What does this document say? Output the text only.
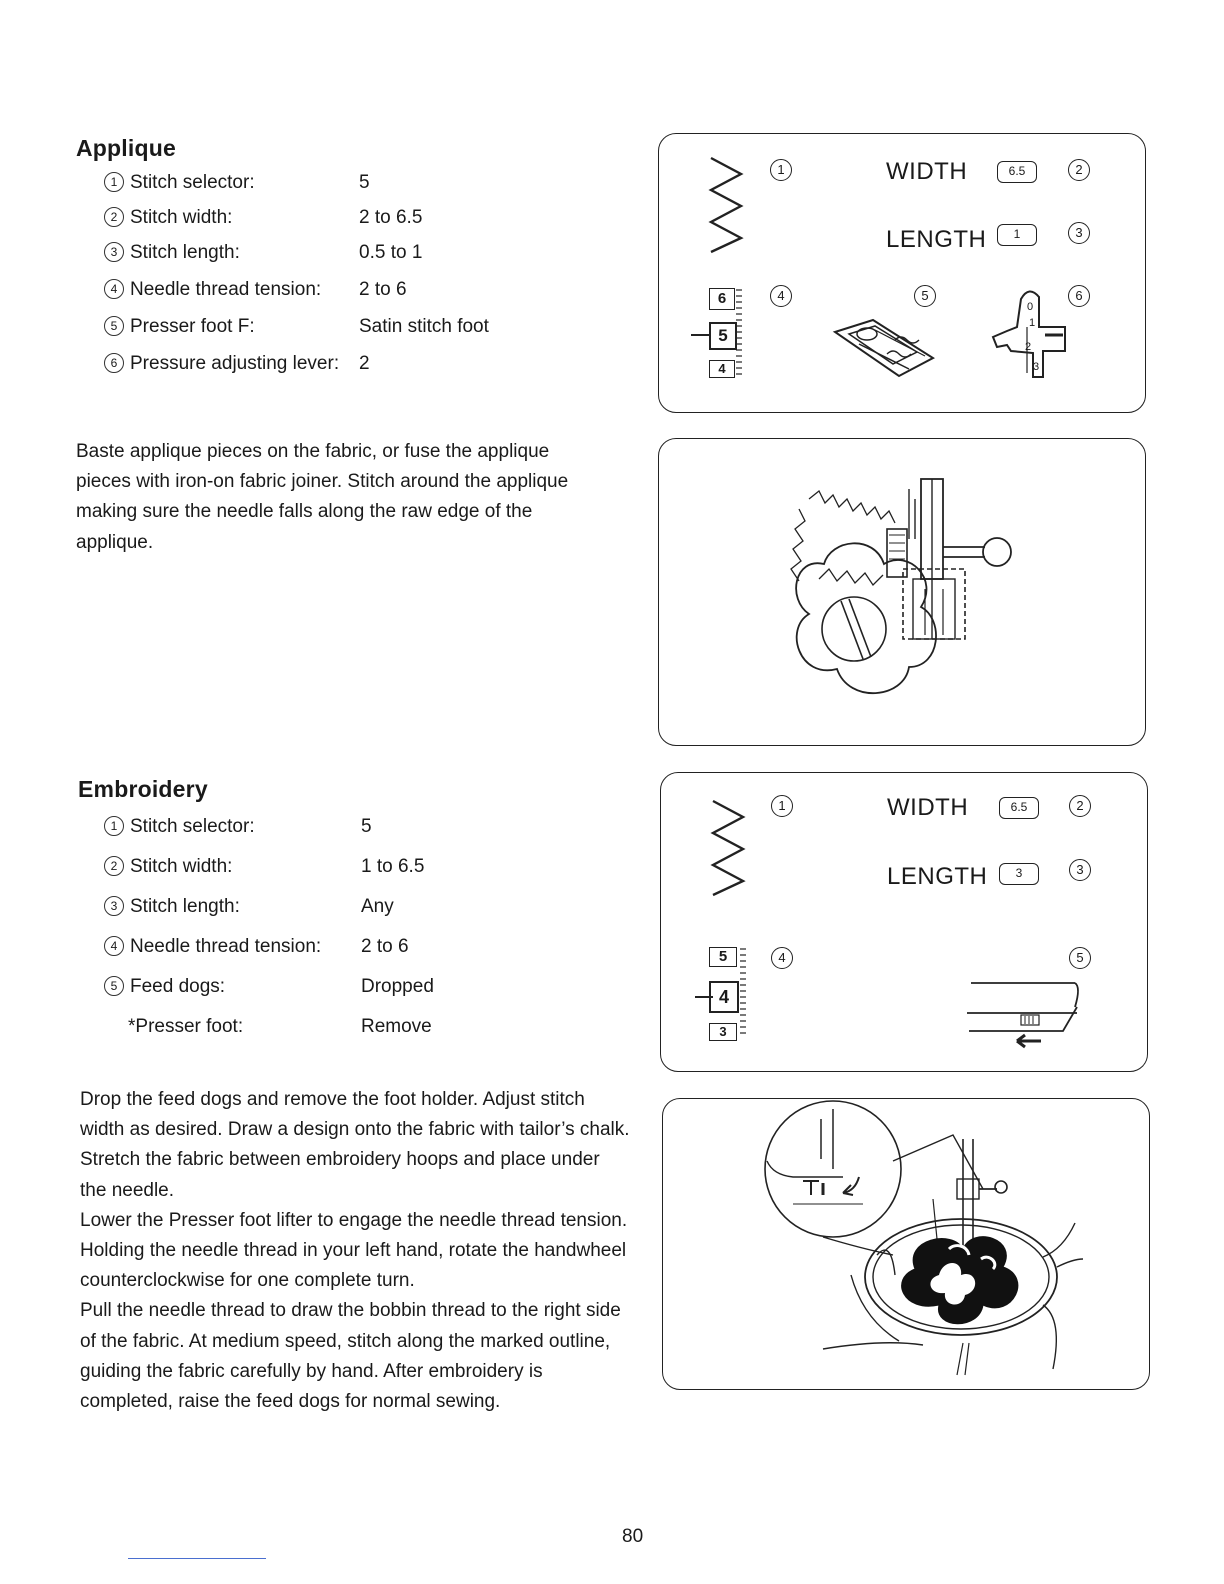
Applique
1 Stitch selector:	5
2 Stitch width:	2 to 6.5
3 Stitch length:	0.5 to 1
4 Needle thread tension: 2 to 6
5 Presser foot F:	Satin stitch foot
6 Pressure adjusting lever: 2

Baste applique pieces on the fabric, or fuse the applique pieces with iron-on fabric joiner. Stitch around the applique making sure the needle falls along the raw edge of the applique.

1	WIDTH	6.5	2
LENGTH	1	3
6
5
4
4	5	6
0
1
2
3
Embroidery
1 Stitch selector:	5
2 Stitch width:	1 to 6.5
3 Stitch length:	Any
4 Needle thread tension: 2 to 6
5 Feed dogs:	Dropped
*Presser foot:	Remove

Drop the feed dogs and remove the foot holder. Adjust stitch width as desired. Draw a design onto the fabric with tailor’s chalk. Stretch the fabric between embroidery hoops and place under the needle.

Lower the Presser foot lifter to engage the needle thread tension. Holding the needle thread in your left hand, rotate the handwheel counterclockwise for one complete turn.

Pull the needle thread to draw the bobbin thread to the right side of the fabric. At medium speed, stitch along the marked outline, guiding the fabric carefully by hand. After embroidery is completed, raise the feed dogs for normal sewing.

1	WIDTH	6.5	2
LENGTH	3	3
5
4
3
4	5
80
